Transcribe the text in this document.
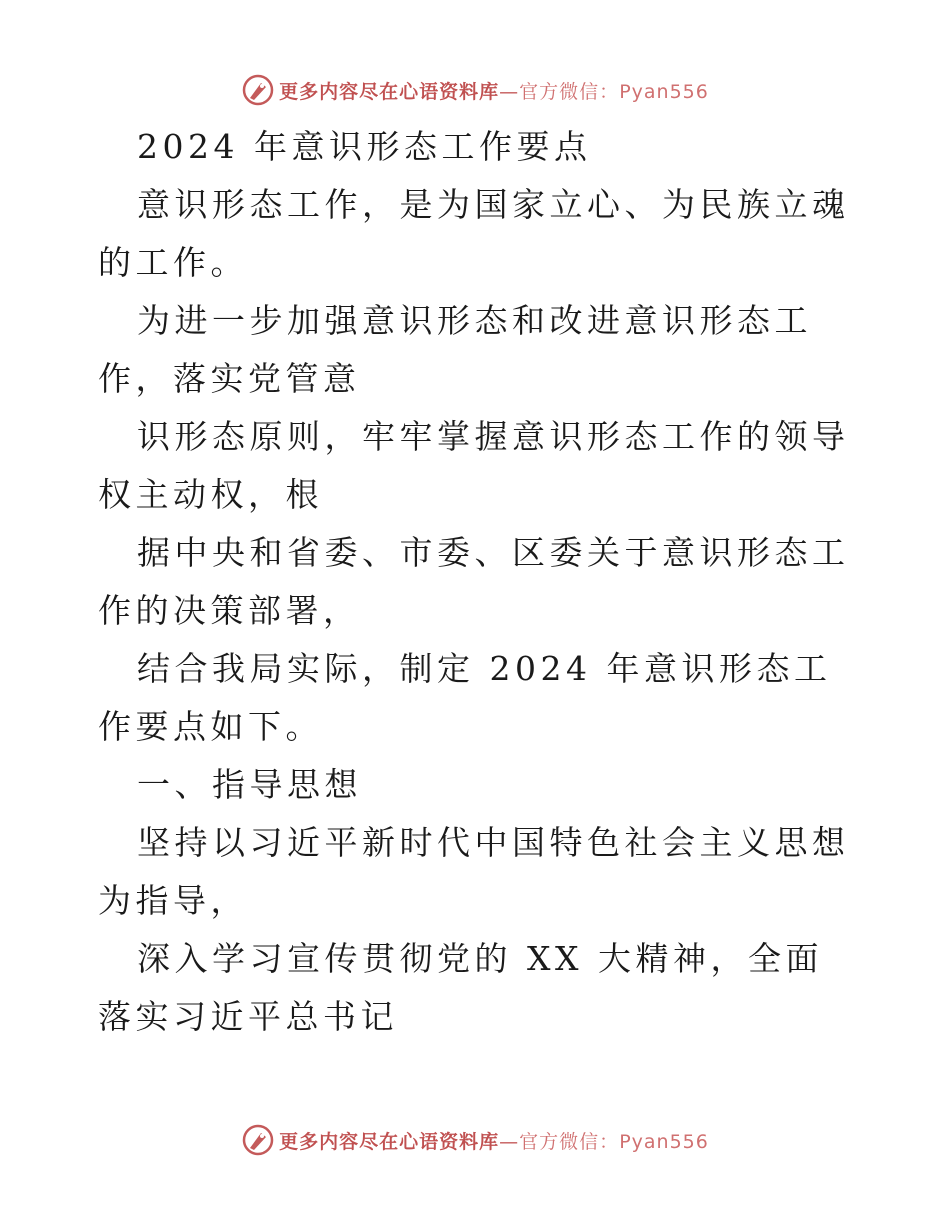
更多内容尽在心语资料库—官方微信：Pyan556

2024 年意识形态工作要点

意识形态工作，是为国家立心、为民族立魂的工作。

为进一步加强意识形态和改进意识形态工作，落实党管意

识形态原则，牢牢掌握意识形态工作的领导权主动权，根

据中央和省委、市委、区委关于意识形态工作的决策部署，

结合我局实际，制定 2024 年意识形态工作要点如下。

一、指导思想

坚持以习近平新时代中国特色社会主义思想为指导，

深入学习宣传贯彻党的 XX 大精神，全面落实习近平总书记

更多内容尽在心语资料库—官方微信：Pyan556
